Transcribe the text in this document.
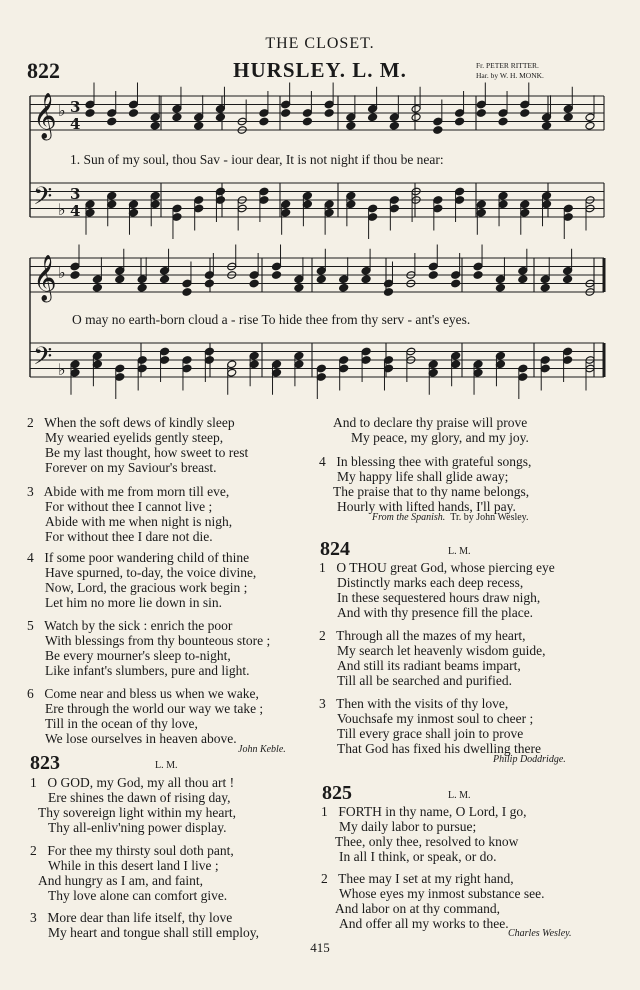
THE CLOSET.
822	HURSLEY. L. M.	Fr. PETER RITTER.
Har. by W. H. MONK.
𝄞 ♭ 3
4
𝄢 ♭
3
4
𝄞 ♭
𝄢 ♭
1. Sun of my soul, thou Sav - iour dear, It is not night if thou be near:
O may no earth-born cloud a - rise To hide thee from thy serv - ant's eyes.
2 When the soft dews of kindly sleep
My wearied eyelids gently steep,
Be my last thought, how sweet to rest
Forever on my Saviour's breast.
3 Abide with me from morn till eve,
For without thee I cannot live ;
Abide with me when night is nigh,
For without thee I dare not die.
4 If some poor wandering child of thine
Have spurned, to-day, the voice divine,
Now, Lord, the gracious work begin ;
Let him no more lie down in sin.
5 Watch by the sick : enrich the poor
With blessings from thy bounteous store ;
Be every mourner's sleep to-night,
Like infant's slumbers, pure and light.
6 Come near and bless us when we wake,
Ere through the world our way we take ;
Till in the ocean of thy love,
We lose ourselves in heaven above.
John Keble.
823	L. M.
1 O GOD, my God, my all thou art !
Ere shines the dawn of rising day,
Thy sovereign light within my heart,
Thy all-enliv'ning power display.
2 For thee my thirsty soul doth pant,
While in this desert land I live ;
And hungry as I am, and faint,
Thy love alone can comfort give.
3 More dear than life itself, thy love
My heart and tongue shall still employ,
And to declare thy praise will prove
My peace, my glory, and my joy.
4 In blessing thee with grateful songs,
My happy life shall glide away;
The praise that to thy name belongs,
Hourly with lifted hands, I'll pay.
From the Spanish. Tr. by John Wesley.
824	L. M.
1 O THOU great God, whose piercing eye
Distinctly marks each deep recess,
In these sequestered hours draw nigh,
And with thy presence fill the place.
2 Through all the mazes of my heart,
My search let heavenly wisdom guide,
And still its radiant beams impart,
Till all be searched and purified.
3 Then with the visits of thy love,
Vouchsafe my inmost soul to cheer ;
Till every grace shall join to prove
That God has fixed his dwelling there
Philip Doddridge.
825	L. M.
1 FORTH in thy name, O Lord, I go,
My daily labor to pursue;
Thee, only thee, resolved to know
In all I think, or speak, or do.
2 Thee may I set at my right hand,
Whose eyes my inmost substance see.
And labor on at thy command,
And offer all my works to thee.
Charles Wesley.
415
